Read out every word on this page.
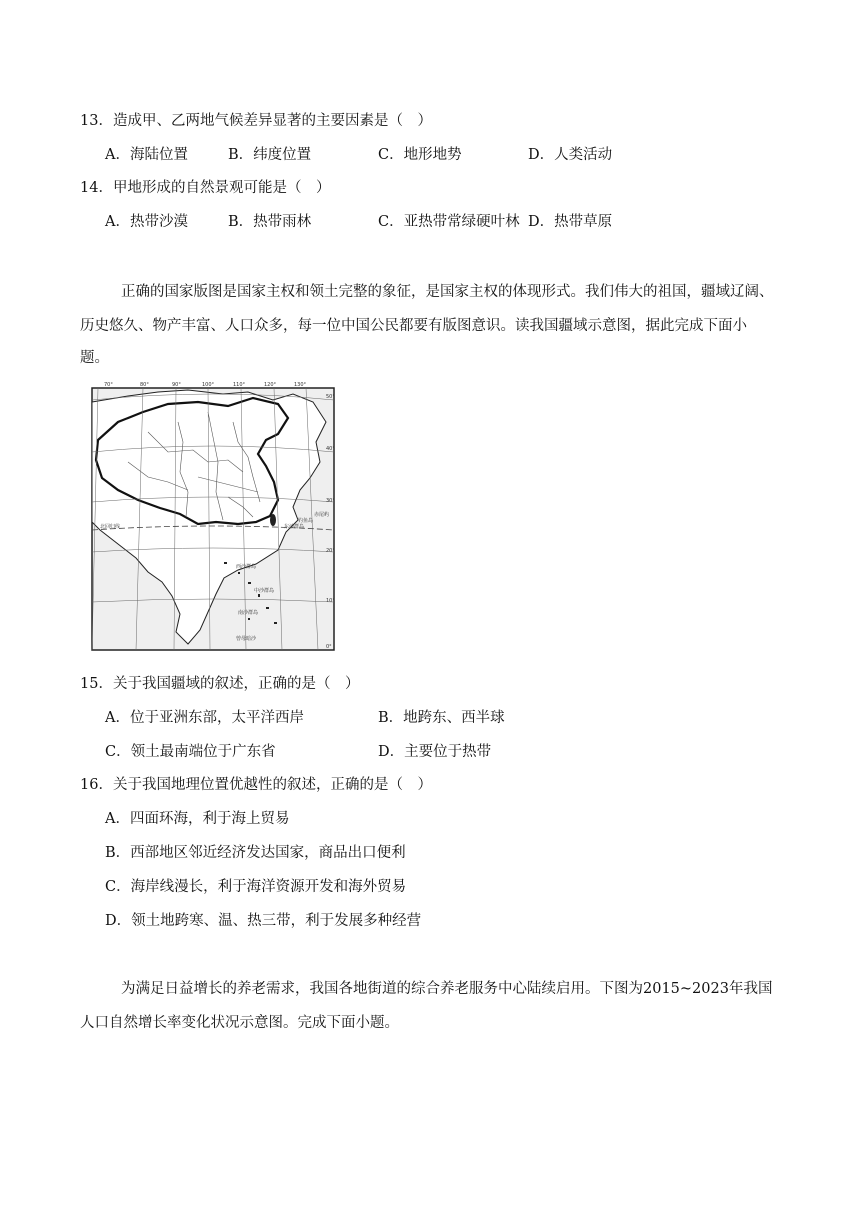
13．造成甲、乙两地气候差异显著的主要因素是（　）
A．海陆位置	B．纬度位置	C．地形地势	D．人类活动
14．甲地形成的自然景观可能是（　）
A．热带沙漠	B．热带雨林	C．亚热带常绿硬叶林 D．热带草原
正确的国家版图是国家主权和领土完整的象征，是国家主权的体现形式。我们伟大的祖国，疆域辽阔、
历史悠久、物产丰富、人口众多，每一位中国公民都要有版图意识。读我国疆域示意图，据此完成下面小
题。
70°	80°	90°	100°	110°	120°	130°
50°
40°
30°
20°
10°
0°
北回归线
钓鱼岛
赤尾屿
东沙群岛
西沙群岛
中沙群岛
南沙群岛
曾母暗沙
15．关于我国疆域的叙述，正确的是（　）
A．位于亚洲东部，太平洋西岸	B．地跨东、西半球
C．领土最南端位于广东省	D．主要位于热带
16．关于我国地理位置优越性的叙述，正确的是（　）
A．四面环海，利于海上贸易
B．西部地区邻近经济发达国家，商品出口便利
C．海岸线漫长，利于海洋资源开发和海外贸易
D．领土地跨寒、温、热三带，利于发展多种经营
为满足日益增长的养老需求，我国各地街道的综合养老服务中心陆续启用。下图为2015~2023年我国
人口自然增长率变化状况示意图。完成下面小题。
